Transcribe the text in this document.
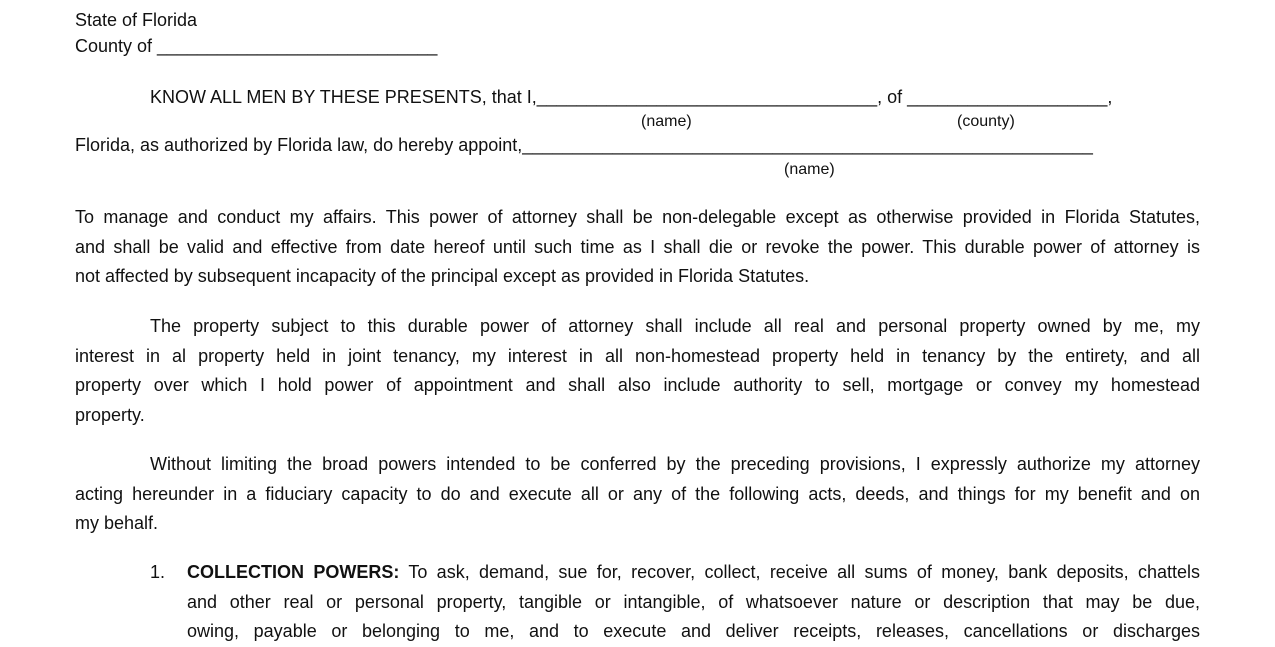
State of Florida
County of ____________________________
KNOW ALL MEN BY THESE PRESENTS, that I,__________________________________, of ____________________,
(name)	(county)
Florida, as authorized by Florida law, do hereby appoint,_________________________________________________________
(name)
To manage and conduct my affairs. This power of attorney shall be non-delegable except as otherwise provided in Florida Statutes,
and shall be valid and effective from date hereof until such time as I shall die or revoke the power. This durable power of attorney is
not affected by subsequent incapacity of the principal except as provided in Florida Statutes.
The property subject to this durable power of attorney shall include all real and personal property owned by me, my
interest in al property held in joint tenancy, my interest in all non-homestead property held in tenancy by the entirety, and all
property over which I hold power of appointment and shall also include authority to sell, mortgage or convey my homestead
property.
Without limiting the broad powers intended to be conferred by the preceding provisions, I expressly authorize my attorney
acting hereunder in a fiduciary capacity to do and execute all or any of the following acts, deeds, and things for my benefit and on
my behalf.
1. COLLECTION POWERS: To ask, demand, sue for, recover, collect, receive all sums of money, bank deposits, chattels
and other real or personal property, tangible or intangible, of whatsoever nature or description that may be due,
owing, payable or belonging to me, and to execute and deliver receipts, releases, cancellations or discharges
